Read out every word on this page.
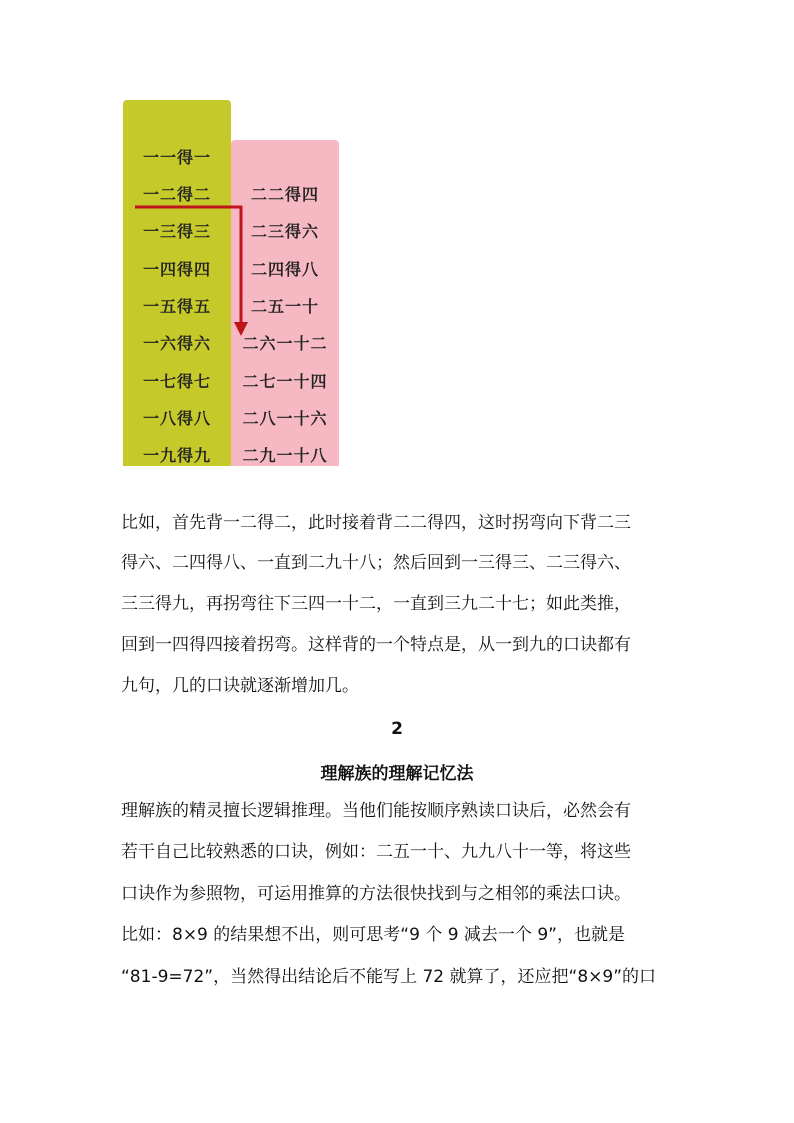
一一得一
一二得二
一三得三
一四得四
一五得五
一六得六
一七得七
一八得八
一九得九
二二得四
二三得六
二四得八
二五一十
二六一十二
二七一十四
二八一十六
二九一十八
比如，首先背一二得二，此时接着背二二得四，这时拐弯向下背二三
得六、二四得八、一直到二九十八；然后回到一三得三、二三得六、
三三得九，再拐弯往下三四一十二，一直到三九二十七；如此类推，
回到一四得四接着拐弯。这样背的一个特点是，从一到九的口诀都有
九句，几的口诀就逐渐增加几。
2
理解族的理解记忆法
理解族的精灵擅长逻辑推理。当他们能按顺序熟读口诀后，必然会有
若干自己比较熟悉的口诀，例如：二五一十、九九八十一等，将这些
口诀作为参照物，可运用推算的方法很快找到与之相邻的乘法口诀。
比如：8×9 的结果想不出，则可思考“9 个 9 减去一个 9”，也就是
“81-9=72”，当然得出结论后不能写上 72 就算了，还应把“8×9”的口
